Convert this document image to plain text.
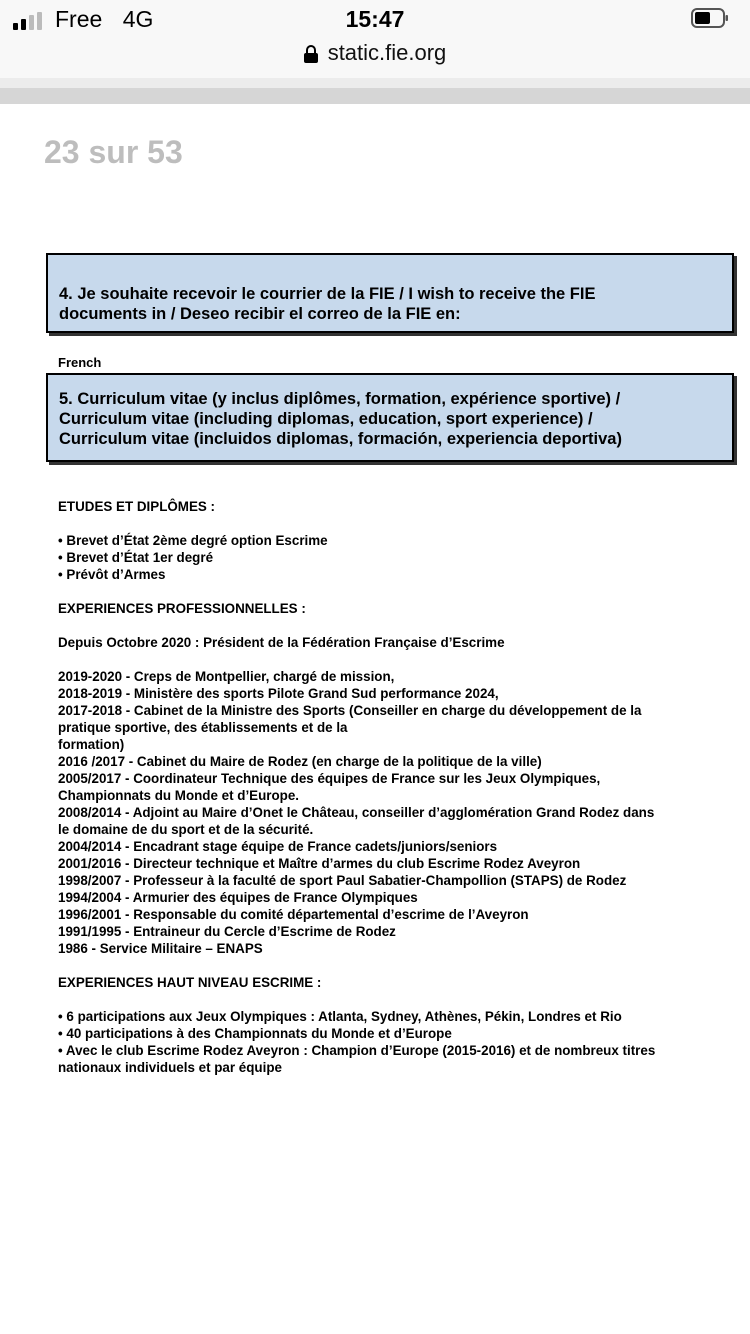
Free 4G	15:47
static.fie.org
23 sur 53
4. Je souhaite recevoir le courrier de la FIE / I wish to receive the FIE
documents in / Deseo recibir el correo de la FIE en:
French
5. Curriculum vitae (y inclus diplômes, formation, expérience sportive) /
Curriculum vitae (including diplomas, education, sport experience) /
Curriculum vitae (incluidos diplomas, formación, experiencia deportiva)
ETUDES ET DIPLÔMES :
• Brevet d’État 2ème degré option Escrime
• Brevet d’État 1er degré
• Prévôt d’Armes
EXPERIENCES PROFESSIONNELLES :
Depuis Octobre 2020 : Président de la Fédération Française d’Escrime
2019-2020 - Creps de Montpellier, chargé de mission,
2018-2019 - Ministère des sports Pilote Grand Sud performance 2024,
2017-2018 - Cabinet de la Ministre des Sports (Conseiller en charge du développement de la
pratique sportive, des établissements et de la
formation)
2016 /2017 - Cabinet du Maire de Rodez (en charge de la politique de la ville)
2005/2017 - Coordinateur Technique des équipes de France sur les Jeux Olympiques,
Championnats du Monde et d’Europe.
2008/2014 - Adjoint au Maire d’Onet le Château, conseiller d’agglomération Grand Rodez dans
le domaine de du sport et de la sécurité.
2004/2014 - Encadrant stage équipe de France cadets/juniors/seniors
2001/2016 - Directeur technique et Maître d’armes du club Escrime Rodez Aveyron
1998/2007 - Professeur à la faculté de sport Paul Sabatier-Champollion (STAPS) de Rodez
1994/2004 - Armurier des équipes de France Olympiques
1996/2001 - Responsable du comité départemental d’escrime de l’Aveyron
1991/1995 - Entraineur du Cercle d’Escrime de Rodez
1986 - Service Militaire – ENAPS
EXPERIENCES HAUT NIVEAU ESCRIME :
• 6 participations aux Jeux Olympiques : Atlanta, Sydney, Athènes, Pékin, Londres et Rio
• 40 participations à des Championnats du Monde et d’Europe
• Avec le club Escrime Rodez Aveyron : Champion d’Europe (2015-2016) et de nombreux titres
nationaux individuels et par équipe
